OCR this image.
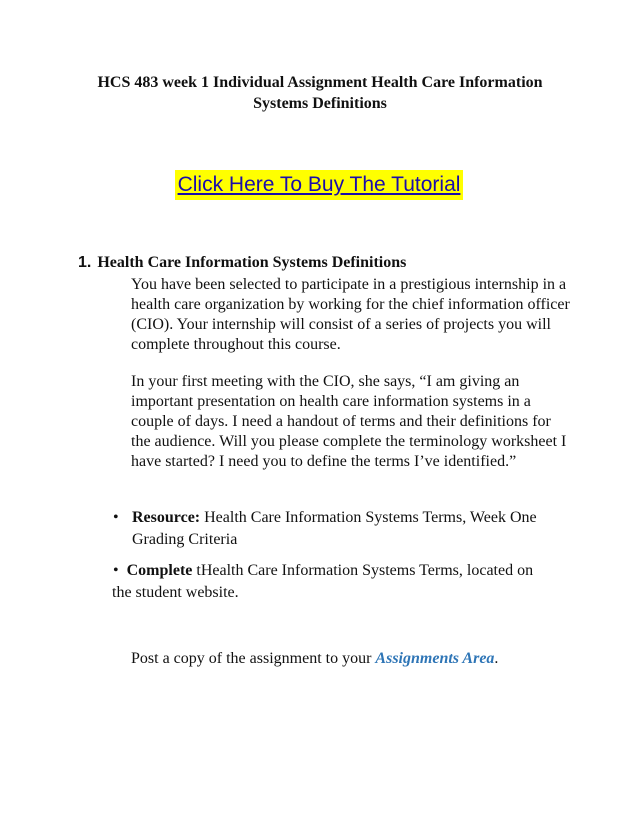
HCS 483 week 1 Individual Assignment Health Care Information
Systems Definitions
Click Here To Buy The Tutorial
1. Health Care Information Systems Definitions
You have been selected to participate in a prestigious internship in a health care organization by working for the chief information officer (CIO). Your internship will consist of a series of projects you will complete throughout this course.
In your first meeting with the CIO, she says, “I am giving an important presentation on health care information systems in a couple of days. I need a handout of terms and their definitions for the audience. Will you please complete the terminology worksheet I have started? I need you to define the terms I’ve identified.”
• Resource: Health Care Information Systems Terms, Week One Grading Criteria
• Complete tHealth Care Information Systems Terms, located on
the student website.
Post a copy of the assignment to your Assignments Area.
